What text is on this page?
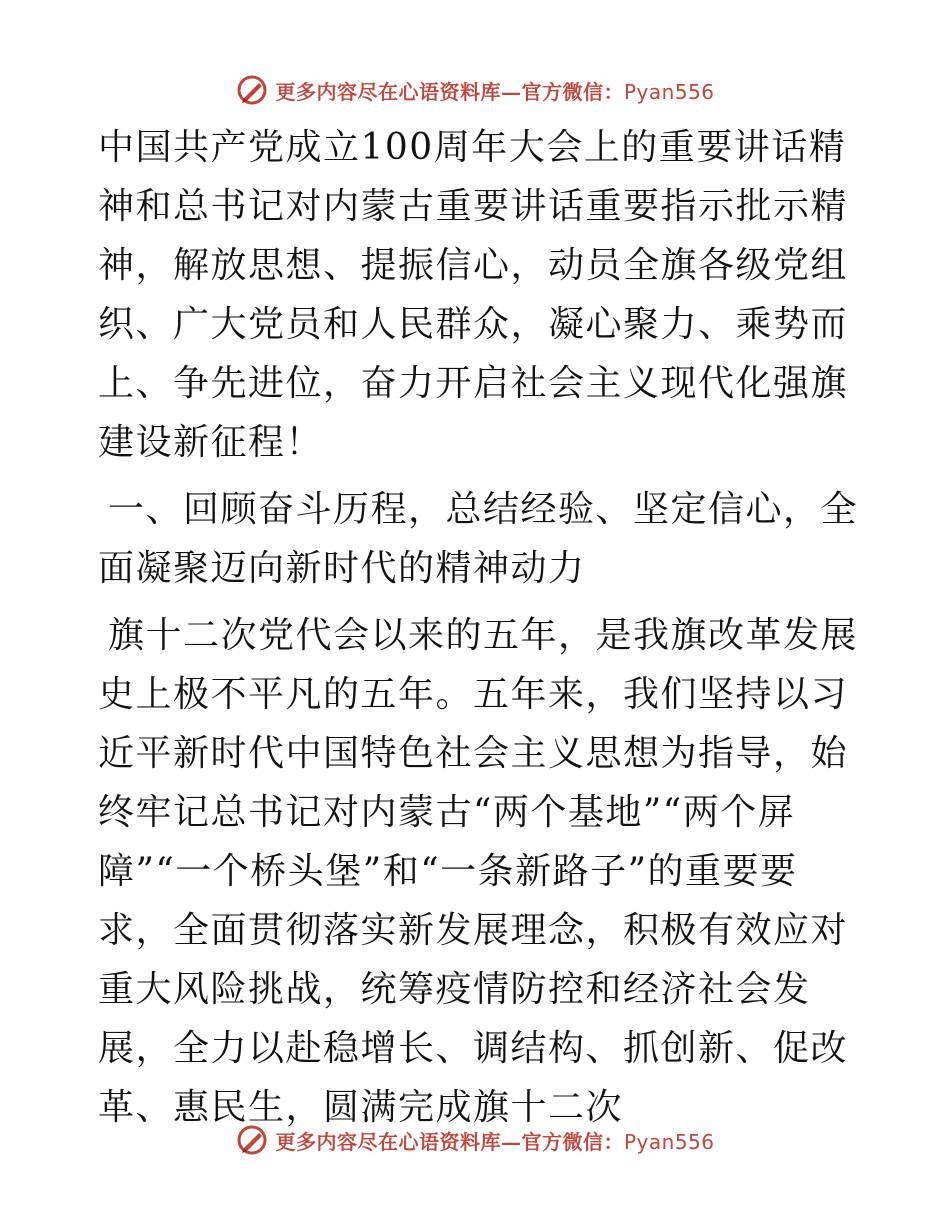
更多内容尽在心语资料库—官方微信：Pyan556

中国共产党成立100周年大会上的重要讲话精神和总书记对内蒙古重要讲话重要指示批示精神，解放思想、提振信心，动员全旗各级党组织、广大党员和人民群众，凝心聚力、乘势而上、争先进位，奋力开启社会主义现代化强旗建设新征程！

一、回顾奋斗历程，总结经验、坚定信心，全面凝聚迈向新时代的精神动力

旗十二次党代会以来的五年，是我旗改革发展史上极不平凡的五年。五年来，我们坚持以习近平新时代中国特色社会主义思想为指导，始终牢记总书记对内蒙古“两个基地”“两个屏障”“一个桥头堡”和“一条新路子”的重要要求，全面贯彻落实新发展理念，积极有效应对重大风险挑战，统筹疫情防控和经济社会发展，全力以赴稳增长、调结构、抓创新、促改革、惠民生，圆满完成旗十二次

更多内容尽在心语资料库—官方微信：Pyan556
